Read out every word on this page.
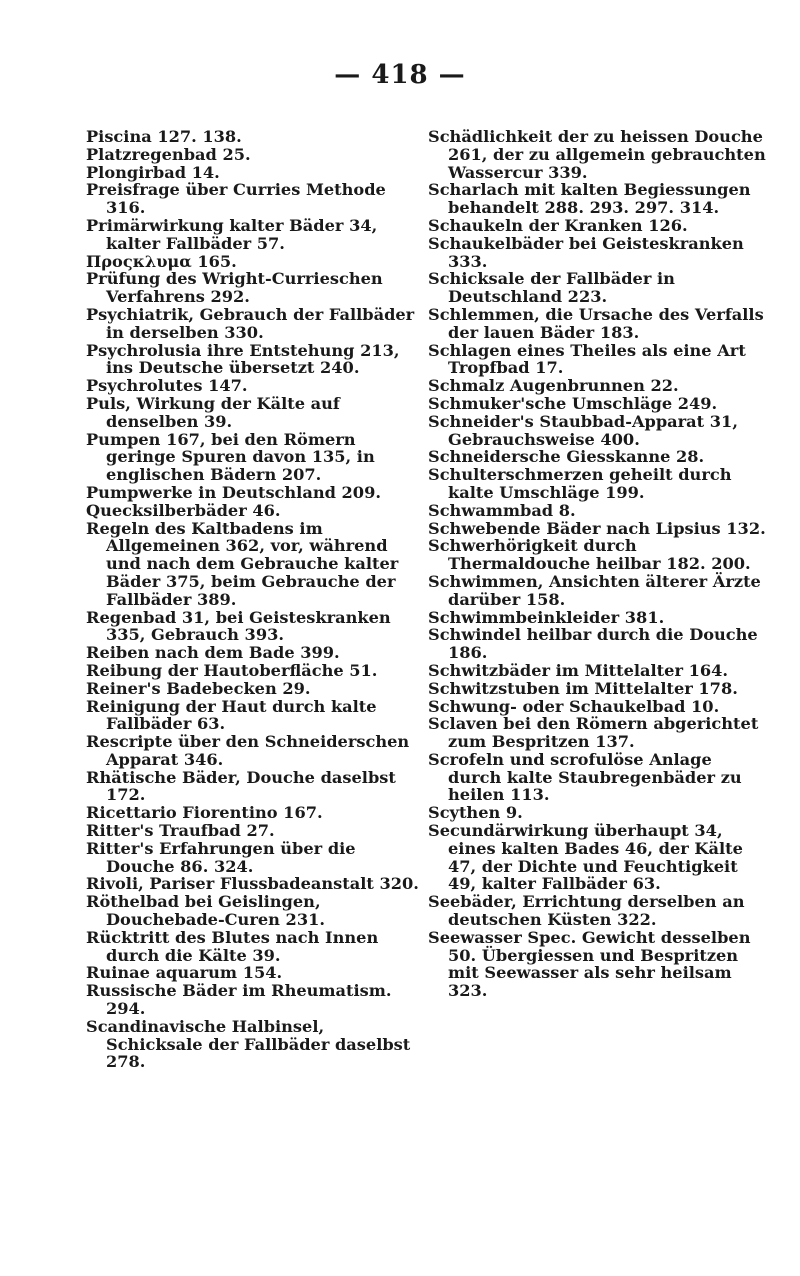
— 418 —

Piscina 127. 138.

Platzregenbad 25.

Plongirbad 14.

Preisfrage über Curries Methode 316.

Primärwirkung kalter Bäder 34, kalter Fallbäder 57.

Προςκλυμα 165.

Prüfung des Wright-Currieschen Verfahrens 292.

Psychiatrik, Gebrauch der Fallbäder in derselben 330.

Psychrolusia ihre Entstehung 213, ins Deutsche übersetzt 240.

Psychrolutes 147.

Puls, Wirkung der Kälte auf denselben 39.

Pumpen 167, bei den Römern geringe Spuren davon 135, in englischen Bädern 207.

Pumpwerke in Deutschland 209.

Quecksilberbäder 46.

Regeln des Kaltbadens im Allgemeinen 362, vor, während und nach dem Gebrauche kalter Bäder 375, beim Gebrauche der Fallbäder 389.

Regenbad 31, bei Geisteskranken 335, Gebrauch 393.

Reiben nach dem Bade 399.

Reibung der Hautoberfläche 51.

Reiner's Badebecken 29.

Reinigung der Haut durch kalte Fallbäder 63.

Rescripte über den Schneiderschen Apparat 346.

Rhätische Bäder, Douche daselbst 172.

Ricettario Fiorentino 167.

Ritter's Traufbad 27.

Ritter's Erfahrungen über die Douche 86. 324.

Rivoli, Pariser Flussbadeanstalt 320.

Röthelbad bei Geislingen, Douchebade-Curen 231.

Rücktritt des Blutes nach Innen durch die Kälte 39.

Ruinae aquarum 154.

Russische Bäder im Rheumatism. 294.

Scandinavische Halbinsel, Schicksale der Fallbäder daselbst 278.

Schädlichkeit der zu heissen Douche 261, der zu allgemein gebrauchten Wassercur 339.

Scharlach mit kalten Begiessungen behandelt 288. 293. 297. 314.

Schaukeln der Kranken 126.

Schaukelbäder bei Geisteskranken 333.

Schicksale der Fallbäder in Deutschland 223.

Schlemmen, die Ursache des Verfalls der lauen Bäder 183.

Schlagen eines Theiles als eine Art Tropfbad 17.

Schmalz Augenbrunnen 22.

Schmuker'sche Umschläge 249.

Schneider's Staubbad-Apparat 31, Gebrauchsweise 400.

Schneidersche Giesskanne 28.

Schulterschmerzen geheilt durch kalte Umschläge 199.

Schwammbad 8.

Schwebende Bäder nach Lipsius 132.

Schwerhörigkeit durch Thermaldouche heilbar 182. 200.

Schwimmen, Ansichten älterer Ärzte darüber 158.

Schwimmbeinkleider 381.

Schwindel heilbar durch die Douche 186.

Schwitzbäder im Mittelalter 164.

Schwitzstuben im Mittelalter 178.

Schwung- oder Schaukelbad 10.

Sclaven bei den Römern abgerichtet zum Bespritzen 137.

Scrofeln und scrofulöse Anlage durch kalte Staubregenbäder zu heilen 113.

Scythen 9.

Secundärwirkung überhaupt 34, eines kalten Bades 46, der Kälte 47, der Dichte und Feuchtigkeit 49, kalter Fallbäder 63.

Seebäder, Errichtung derselben an deutschen Küsten 322.

Seewasser Spec. Gewicht desselben 50. Übergiessen und Bespritzen mit Seewasser als sehr heilsam 323.
